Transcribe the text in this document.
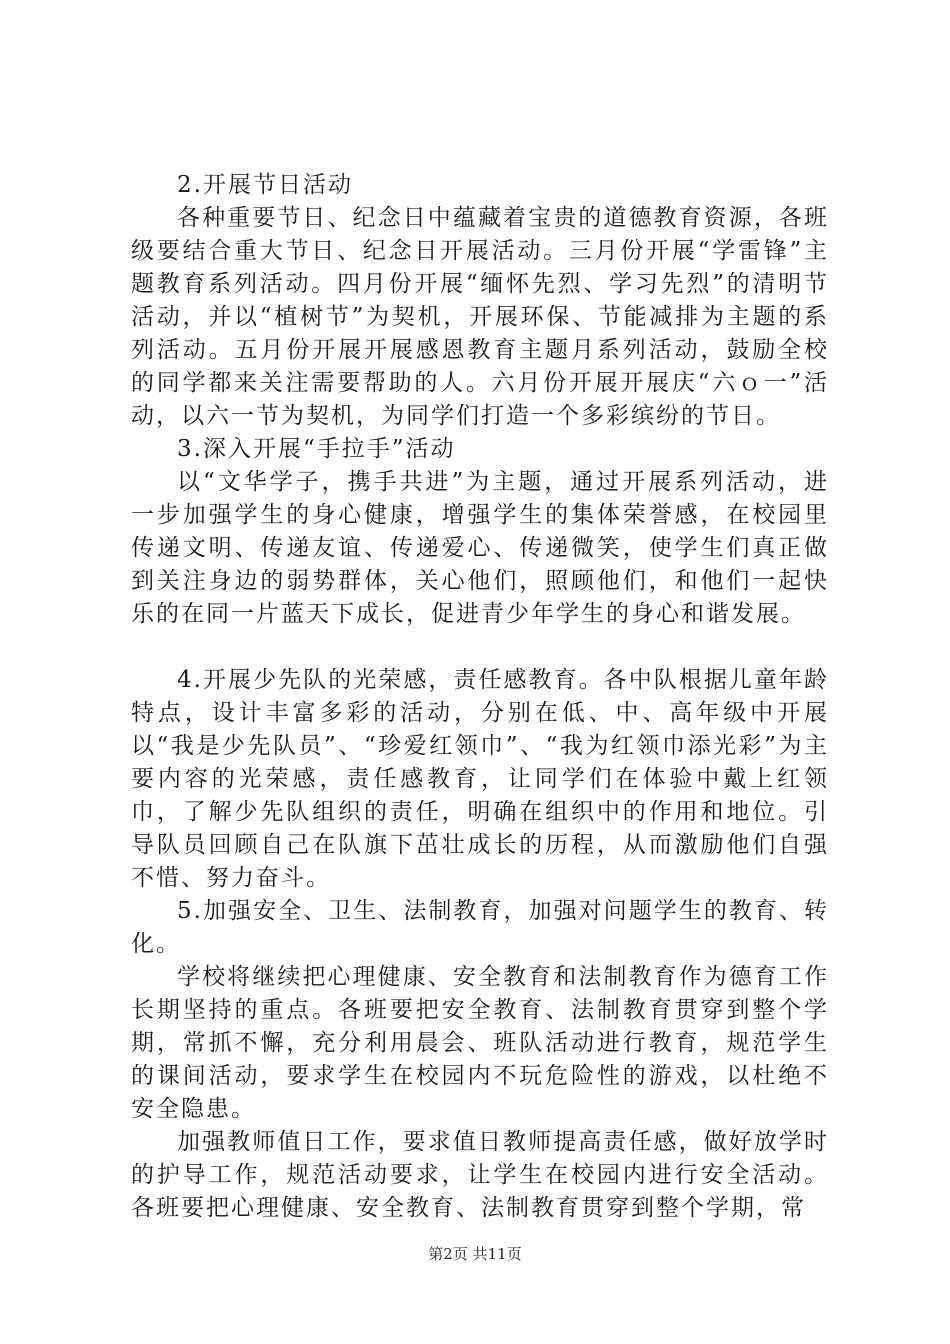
2.开展节日活动

各种重要节日、纪念日中蕴藏着宝贵的道德教育资源，各班级要结合重大节日、纪念日开展活动。三月份开展“学雷锋”主题教育系列活动。四月份开展“缅怀先烈、学习先烈”的清明节活动，并以“植树节”为契机，开展环保、节能减排为主题的系列活动。五月份开展开展感恩教育主题月系列活动，鼓励全校的同学都来关注需要帮助的人。六月份开展开展庆“六ｏ一”活动，以六一节为契机，为同学们打造一个多彩缤纷的节日。

3.深入开展“手拉手”活动

以“文华学子，携手共进”为主题，通过开展系列活动，进一步加强学生的身心健康，增强学生的集体荣誉感，在校园里传递文明、传递友谊、传递爱心、传递微笑，使学生们真正做到关注身边的弱势群体，关心他们，照顾他们，和他们一起快乐的在同一片蓝天下成长，促进青少年学生的身心和谐发展。

4.开展少先队的光荣感，责任感教育。各中队根据儿童年龄特点，设计丰富多彩的活动，分别在低、中、高年级中开展以“我是少先队员”、“珍爱红领巾”、“我为红领巾添光彩”为主要内容的光荣感，责任感教育，让同学们在体验中戴上红领巾，了解少先队组织的责任，明确在组织中的作用和地位。引导队员回顾自己在队旗下茁壮成长的历程，从而激励他们自强不惜、努力奋斗。

5.加强安全、卫生、法制教育，加强对问题学生的教育、转化。

学校将继续把心理健康、安全教育和法制教育作为德育工作长期坚持的重点。各班要把安全教育、法制教育贯穿到整个学期，常抓不懈，充分利用晨会、班队活动进行教育，规范学生的课间活动，要求学生在校园内不玩危险性的游戏，以杜绝不安全隐患。

加强教师值日工作，要求值日教师提高责任感，做好放学时的护导工作，规范活动要求，让学生在校园内进行安全活动。各班要把心理健康、安全教育、法制教育贯穿到整个学期，常

第2页 共11页
